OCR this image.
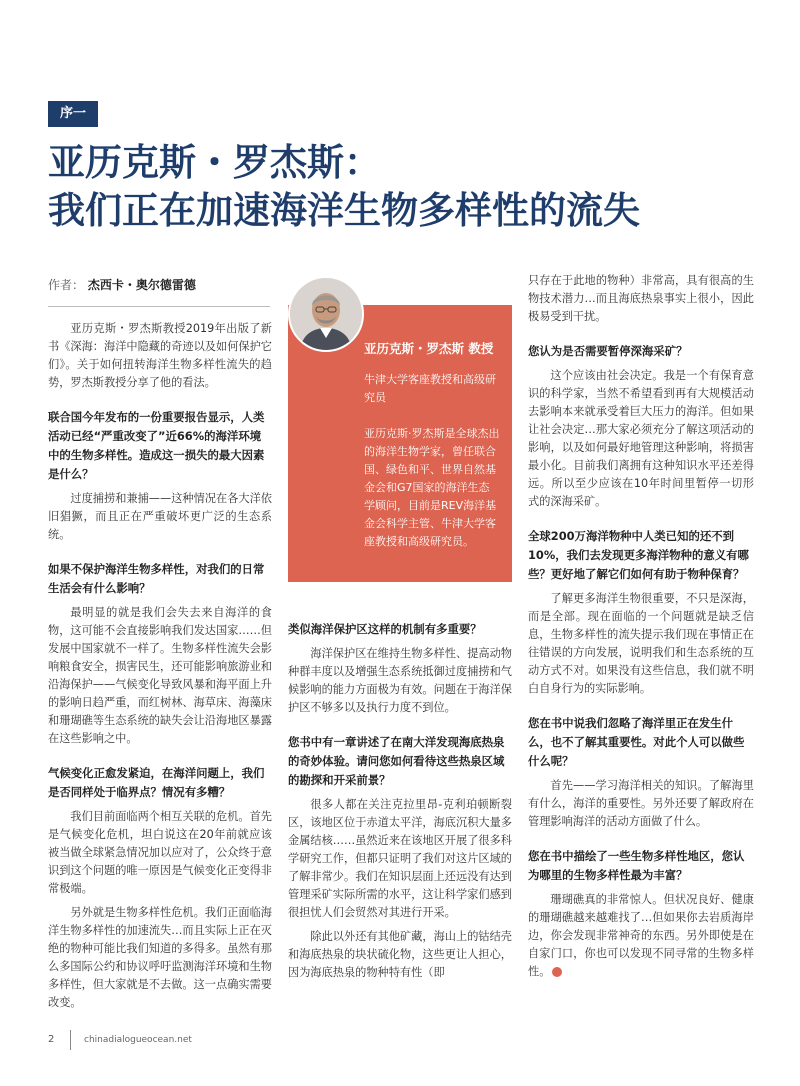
序一
亚历克斯・罗杰斯：
我们正在加速海洋生物多样性的流失
作者： 杰西卡・奥尔德雷德

亚历克斯・罗杰斯教授2019年出版了新书《深海：海洋中隐藏的奇迹以及如何保护它们》。关于如何扭转海洋生物多样性流失的趋势，罗杰斯教授分享了他的看法。

联合国今年发布的一份重要报告显示，人类活动已经“严重改变了”近66%的海洋环境中的生物多样性。造成这一损失的最大因素是什么？

过度捕捞和兼捕——这种情况在各大洋依旧猖獗，而且正在严重破坏更广泛的生态系统。

如果不保护海洋生物多样性，对我们的日常生活会有什么影响？

最明显的就是我们会失去来自海洋的食物，这可能不会直接影响我们发达国家……但发展中国家就不一样了。生物多样性流失会影响粮食安全，损害民生，还可能影响旅游业和沿海保护——气候变化导致风暴和海平面上升的影响日趋严重，而红树林、海草床、海藻床和珊瑚礁等生态系统的缺失会让沿海地区暴露在这些影响之中。

气候变化正愈发紧迫，在海洋问题上，我们是否同样处于临界点？情况有多糟？

我们目前面临两个相互关联的危机。首先是气候变化危机，坦白说这在20年前就应该被当做全球紧急情况加以应对了，公众终于意识到这个问题的唯一原因是气候变化正变得非常极端。

另外就是生物多样性危机。我们正面临海洋生物多样性的加速流失…而且实际上正在灭绝的物种可能比我们知道的多得多。虽然有那么多国际公约和协议呼吁监测海洋环境和生物多样性，但大家就是不去做。这一点确实需要改变。

亚历克斯・罗杰斯 教授
牛津大学客座教授和高级研究员
亚历克斯·罗杰斯是全球杰出的海洋生物学家，曾任联合国、绿色和平、世界自然基金会和G7国家的海洋生态学顾问，目前是REV海洋基金会科学主管、牛津大学客座教授和高级研究员。
类似海洋保护区这样的机制有多重要？

海洋保护区在维持生物多样性、提高动物种群丰度以及增强生态系统抵御过度捕捞和气候影响的能力方面极为有效。问题在于海洋保护区不够多以及执行力度不到位。

您书中有一章讲述了在南大洋发现海底热泉的奇妙体验。请问您如何看待这些热泉区域的勘探和开采前景？

很多人都在关注克拉里昂-克利珀顿断裂区，该地区位于赤道太平洋，海底沉积大量多金属结核……虽然近来在该地区开展了很多科学研究工作，但都只证明了我们对这片区域的了解非常少。我们在知识层面上还远没有达到管理采矿实际所需的水平，这让科学家们感到很担忧人们会贸然对其进行开采。

除此以外还有其他矿藏，海山上的钴结壳和海底热泉的块状硫化物，这些更让人担心，因为海底热泉的物种特有性（即

只存在于此地的物种）非常高，具有很高的生物技术潜力…而且海底热泉事实上很小，因此极易受到干扰。

您认为是否需要暂停深海采矿？

这个应该由社会决定。我是一个有保育意识的科学家，当然不希望看到再有大规模活动去影响本来就承受着巨大压力的海洋。但如果让社会决定…那大家必须充分了解这项活动的影响，以及如何最好地管理这种影响，将损害最小化。目前我们离拥有这种知识水平还差得远。所以至少应该在10年时间里暂停一切形式的深海采矿。

全球200万海洋物种中人类已知的还不到10%，我们去发现更多海洋物种的意义有哪些？更好地了解它们如何有助于物种保育？

了解更多海洋生物很重要，不只是深海，而是全部。现在面临的一个问题就是缺乏信息，生物多样性的流失提示我们现在事情正在往错误的方向发展，说明我们和生态系统的互动方式不对。如果没有这些信息，我们就不明白自身行为的实际影响。

您在书中说我们忽略了海洋里正在发生什么，也不了解其重要性。对此个人可以做些什么呢？

首先——学习海洋相关的知识。了解海里有什么，海洋的重要性。另外还要了解政府在管理影响海洋的活动方面做了什么。

您在书中描绘了一些生物多样性地区，您认为哪里的生物多样性最为丰富？

珊瑚礁真的非常惊人。但状况良好、健康的珊瑚礁越来越难找了…但如果你去岩质海岸边，你会发现非常神奇的东西。另外即使是在自家门口，你也可以发现不同寻常的生物多样性。

2	chinadialogueocean.net
